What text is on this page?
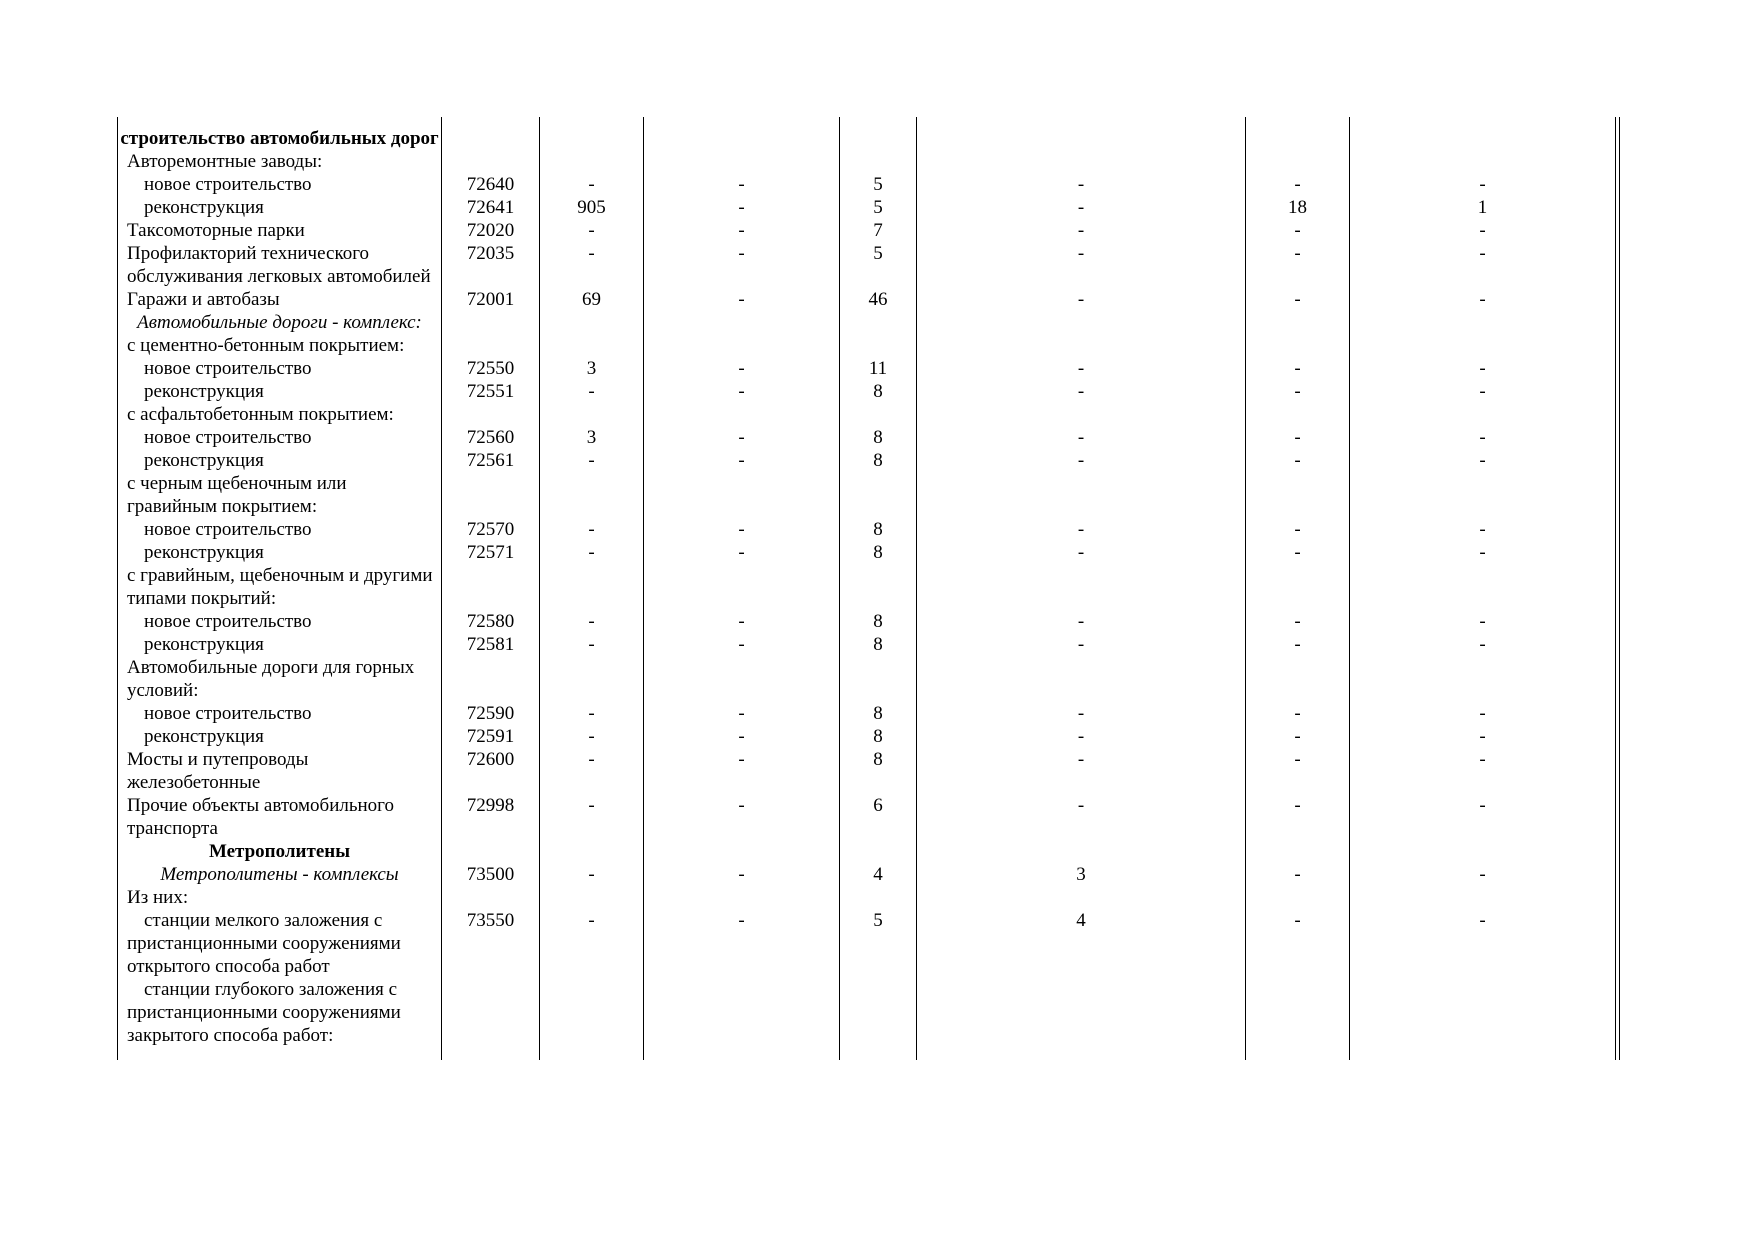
строительство автомобильных дорог								
Авторемонтные заводы:								
новое строительство	72640	-	-	5	-	-	-	
реконструкция	72641	905	-	5	-	18	1	
Таксомоторные парки	72020	-	-	7	-	-	-	
Профилакторий технического обслуживания легковых автомобилей	72035	-	-	5	-	-	-	
Гаражи и автобазы	72001	69	-	46	-	-	-	
Автомобильные дороги - комплекс:								
с цементно-бетонным покрытием:								
новое строительство	72550	3	-	11	-	-	-	
реконструкция	72551	-	-	8	-	-	-	
с асфальтобетонным покрытием:								
новое строительство	72560	3	-	8	-	-	-	
реконструкция	72561	-	-	8	-	-	-	
с черным щебеночным или гравийным покрытием:								
новое строительство	72570	-	-	8	-	-	-	
реконструкция	72571	-	-	8	-	-	-	
с гравийным, щебеночным и другими типами покрытий:								
новое строительство	72580	-	-	8	-	-	-	
реконструкция	72581	-	-	8	-	-	-	
Автомобильные дороги для горных условий:								
новое строительство	72590	-	-	8	-	-	-	
реконструкция	72591	-	-	8	-	-	-	
Мосты и путепроводы железобетонные	72600	-	-	8	-	-	-	
Прочие объекты автомобильного транспорта	72998	-	-	6	-	-	-	
Метрополитены								
Метрополитены - комплексы	73500	-	-	4	3	-	-	
Из них:								
станции мелкого заложения с пристанционными сооружениями открытого способа работ	73550	-	-	5	4	-	-	
станции глубокого заложения с пристанционными сооружениями закрытого способа работ:								
